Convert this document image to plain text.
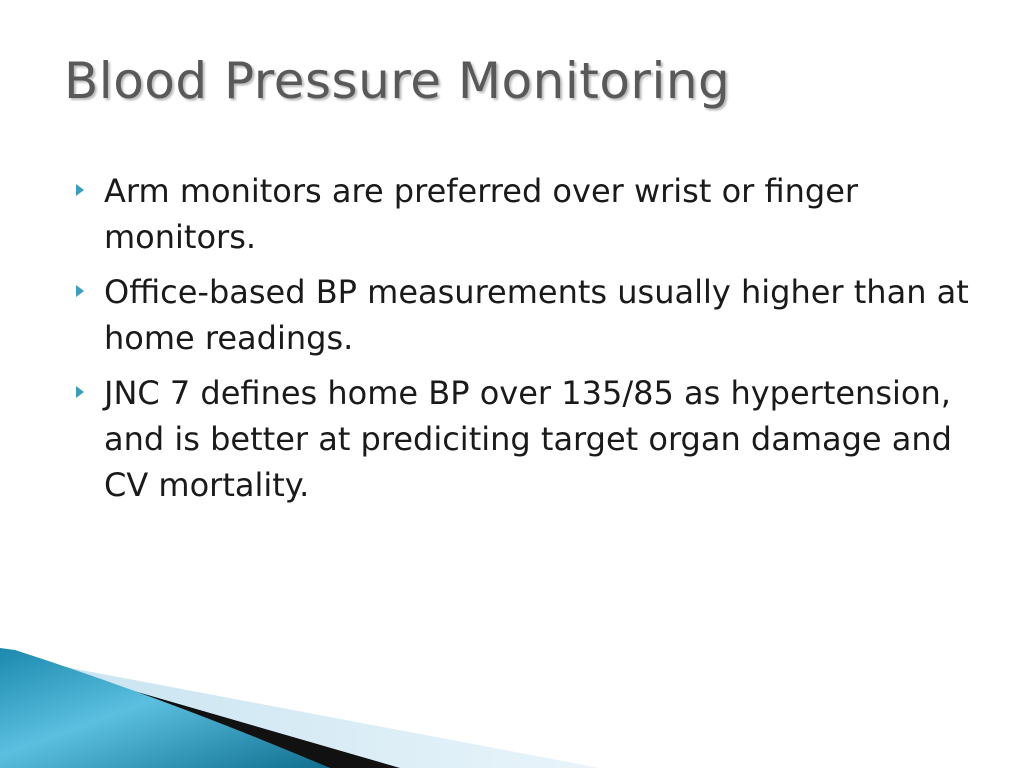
Blood Pressure Monitoring
Arm monitors are preferred over wrist or finger monitors.
Office-based BP measurements usually higher than at home readings.
JNC 7 defines home BP over 135/85 as hypertension, and is better at prediciting target organ damage and CV mortality.
